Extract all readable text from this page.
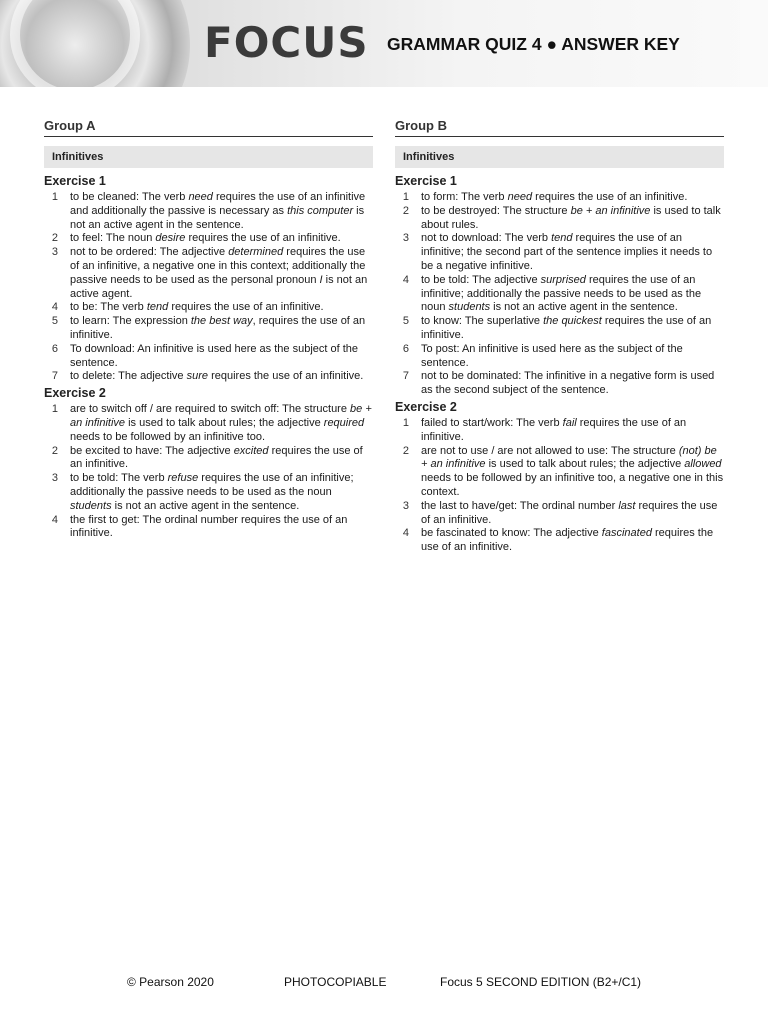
FOCUS GRAMMAR QUIZ 4 ● ANSWER KEY
Group A
Infinitives
Exercise 1
1	to be cleaned: The verb need requires the use of an infinitive and additionally the passive is necessary as this computer is not an active agent in the sentence.
2	to feel: The noun desire requires the use of an infinitive.
3	not to be ordered: The adjective determined requires the use of an infinitive, a negative one in this context; additionally the passive needs to be used as the personal pronoun I is not an active agent.
4	to be: The verb tend requires the use of an infinitive.
5	to learn: The expression the best way, requires the use of an infinitive.
6	To download: An infinitive is used here as the subject of the sentence.
7	to delete: The adjective sure requires the use of an infinitive.
Exercise 2
1	are to switch off / are required to switch off: The structure be + an infinitive is used to talk about rules; the adjective required needs to be followed by an infinitive too.
2	be excited to have: The adjective excited requires the use of an infinitive.
3	to be told: The verb refuse requires the use of an infinitive; additionally the passive needs to be used as the noun students is not an active agent in the sentence.
4	the first to get: The ordinal number requires the use of an infinitive.
Group B
Infinitives
Exercise 1
1	to form: The verb need requires the use of an infinitive.
2	to be destroyed: The structure be + an infinitive is used to talk about rules.
3	not to download: The verb tend requires the use of an infinitive; the second part of the sentence implies it needs to be a negative infinitive.
4	to be told: The adjective surprised requires the use of an infinitive; additionally the passive needs to be used as the noun students is not an active agent in the sentence.
5	to know: The superlative the quickest requires the use of an infinitive.
6	To post: An infinitive is used here as the subject of the sentence.
7	not to be dominated: The infinitive in a negative form is used as the second subject of the sentence.
Exercise 2
1	failed to start/work: The verb fail requires the use of an infinitive.
2	are not to use / are not allowed to use: The structure (not) be + an infinitive is used to talk about rules; the adjective allowed needs to be followed by an infinitive too, a negative one in this context.
3	the last to have/get: The ordinal number last requires the use of an infinitive.
4	be fascinated to know: The adjective fascinated requires the use of an infinitive.
© Pearson 2020	PHOTOCOPIABLE	Focus 5 SECOND EDITION (B2+/C1)
